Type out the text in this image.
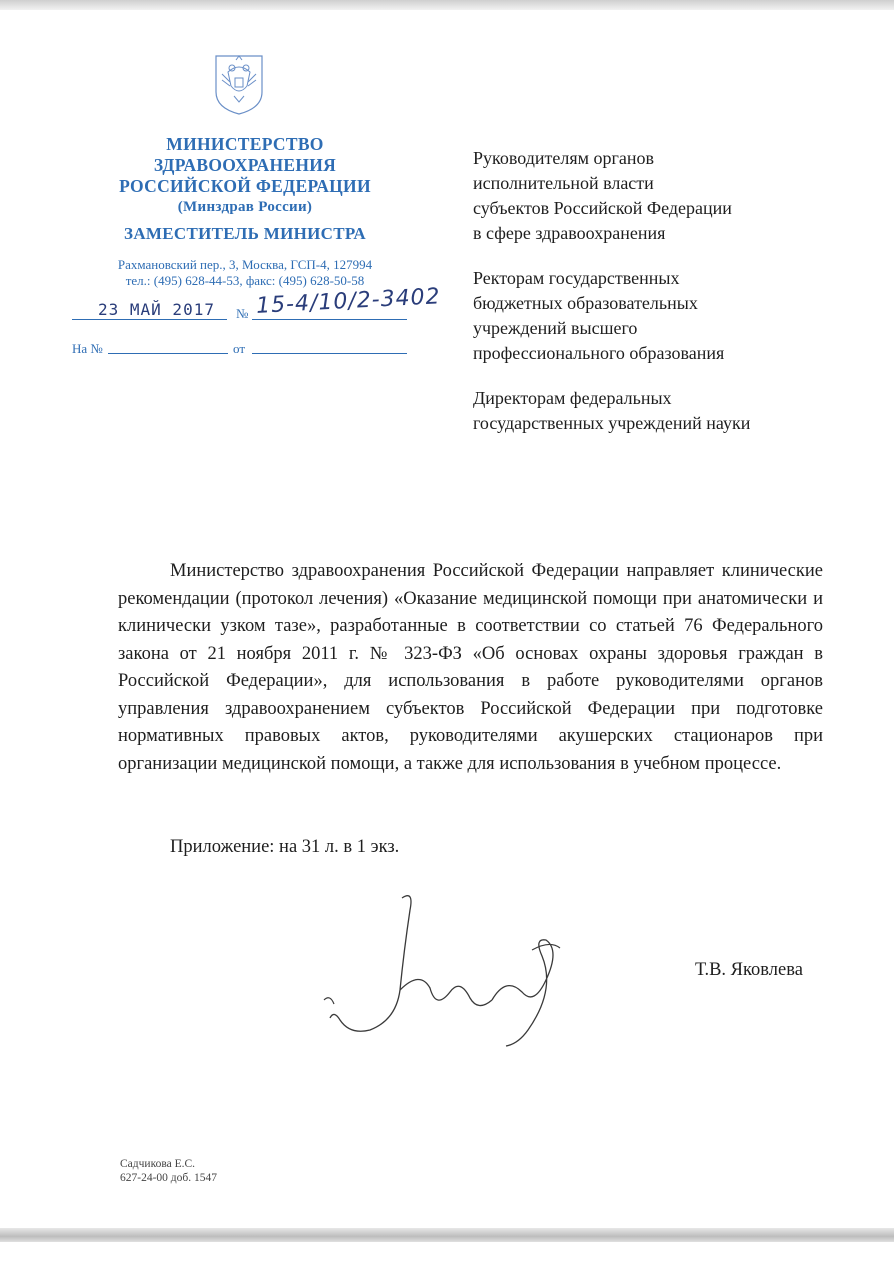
МИНИСТЕРСТВО
ЗДРАВООХРАНЕНИЯ
РОССИЙСКОЙ ФЕДЕРАЦИИ
(Минздрав России)
ЗАМЕСТИТЕЛЬ МИНИСТРА
Рахмановский пер., 3, Москва, ГСП-4, 127994
тел.: (495) 628-44-53, факс: (495) 628-50-58
23 МАЙ 2017 № 15-4/10/2-3402
На №	от
Руководителям органов
исполнительной власти
субъектов Российской Федерации
в сфере здравоохранения
Ректорам государственных
бюджетных образовательных
учреждений высшего
профессионального образования
Директорам федеральных
государственных учреждений науки

Министерство здравоохранения Российской Федерации направляет клинические рекомендации (протокол лечения) «Оказание медицинской помощи при анатомически и клинически узком тазе», разработанные в соответствии со статьей 76 Федерального закона от 21 ноября 2011 г. № 323-ФЗ «Об основах охраны здоровья граждан в Российской Федерации», для использования в работе руководителями органов управления здравоохранением субъектов Российской Федерации при подготовке нормативных правовых актов, руководителями акушерских стационаров при организации медицинской помощи, а также для использования в учебном процессе.

Приложение: на 31 л. в 1 экз.
Т.В. Яковлева
Садчикова Е.С.
627-24-00 доб. 1547
